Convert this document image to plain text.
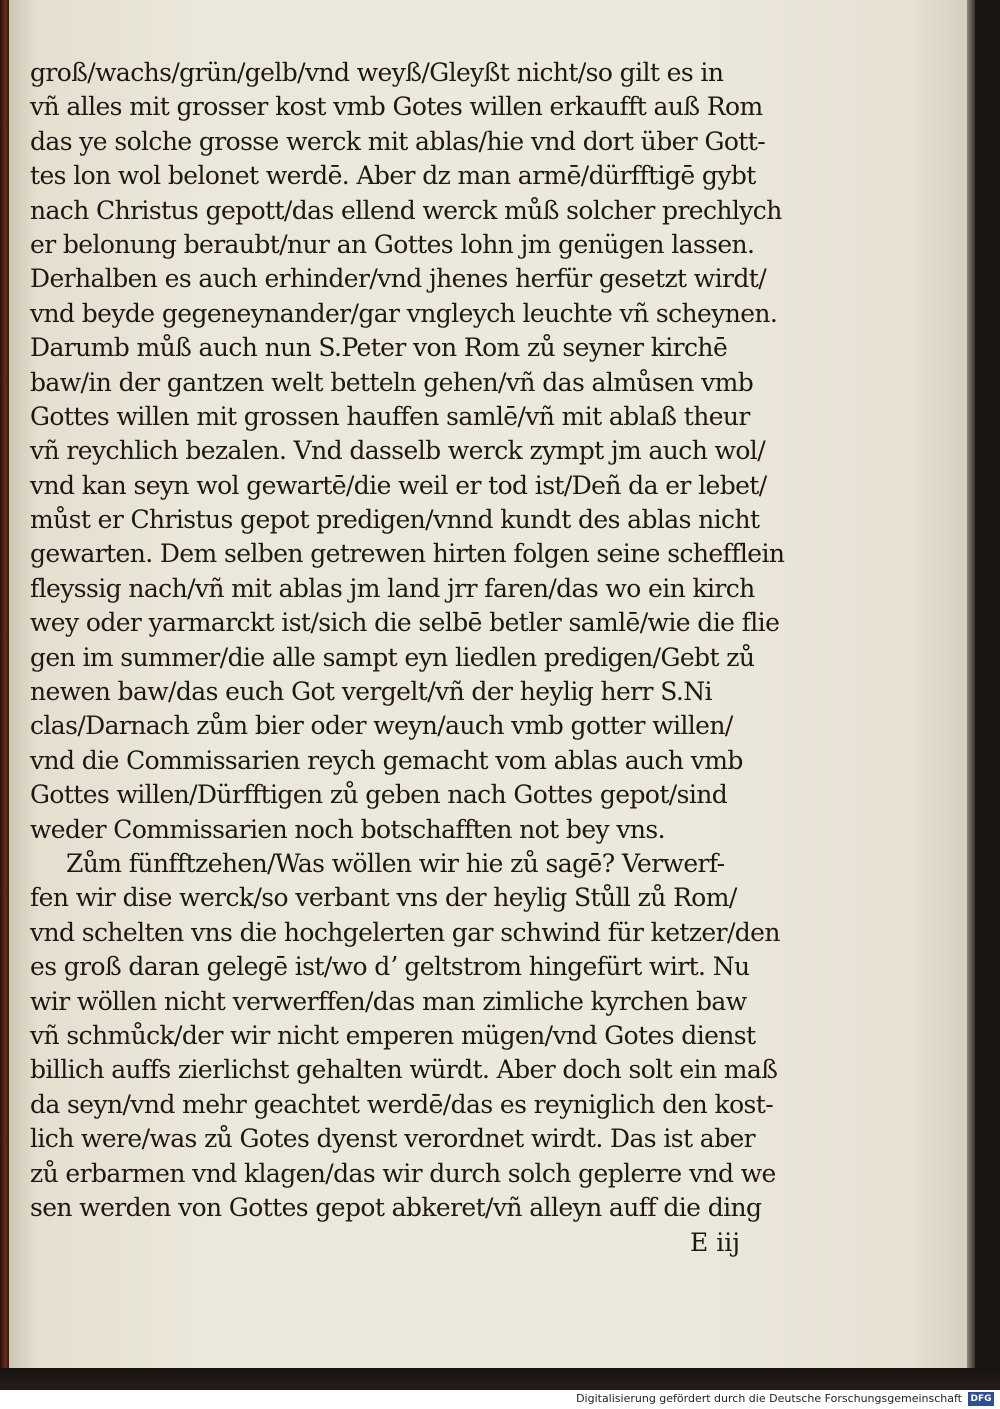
groß/wachs/grün/gelb/vnd weyß/Gleyßt nicht/so gilt es in
vñ alles mit grosser kost vmb Gotes willen erkaufft auß Rom
das ye solche grosse werck mit ablas/hie vnd dort über Gott-
tes lon wol belonet werdē. Aber dz man armē/dürfftigē gybt
nach Christus gepott/das ellend werck můß solcher prechlych
er belonung beraubt/nur an Gottes lohn jm genügen lassen.
Derhalben es auch erhinder/vnd jhenes herfür gesetzt wirdt/
vnd beyde gegeneynander/gar vngleych leuchte vñ scheynen.
Darumb můß auch nun S.Peter von Rom zů seyner kirchē
baw/in der gantzen welt betteln gehen/vñ das almůsen vmb
Gottes willen mit grossen hauffen samlē/vñ mit ablaß theur
vñ reychlich bezalen. Vnd dasselb werck zympt jm auch wol/
vnd kan seyn wol gewartē/die weil er tod ist/Deñ da er lebet/
můst er Christus gepot predigen/vnnd kundt des ablas nicht
gewarten. Dem selben getrewen hirten folgen seine schefflein
fleyssig nach/vñ mit ablas jm land jrr faren/das wo ein kirch
wey oder yarmarckt ist/sich die selbē betler samlē/wie die flie
gen im summer/die alle sampt eyn liedlen predigen/Gebt zů
newen baw/das euch Got vergelt/vñ der heylig herr S.Ni
clas/Darnach zům bier oder weyn/auch vmb gotter willen/
vnd die Commissarien reych gemacht vom ablas auch vmb
Gottes willen/Dürfftigen zů geben nach Gottes gepot/sind
weder Commissarien noch botschafften not bey vns.
Zům fünfftzehen/Was wöllen wir hie zů sagē? Verwerf-
fen wir dise werck/so verbant vns der heylig Stůll zů Rom/
vnd schelten vns die hochgelerten gar schwind für ketzer/den
es groß daran gelegē ist/wo dʼ geltstrom hingefürt wirt. Nu
wir wöllen nicht verwerffen/das man zimliche kyrchen baw
vñ schmůck/der wir nicht emperen mügen/vnd Gotes dienst
billich auffs zierlichst gehalten würdt. Aber doch solt ein maß
da seyn/vnd mehr geachtet werdē/das es reyniglich den kost-
lich were/was zů Gotes dyenst verordnet wirdt. Das ist aber
zů erbarmen vnd klagen/das wir durch solch geplerre vnd we
sen werden von Gottes gepot abkeret/vñ alleyn auff die ding
E iij
Digitalisierung gefördert durch die Deutsche Forschungsgemeinschaft DFG
